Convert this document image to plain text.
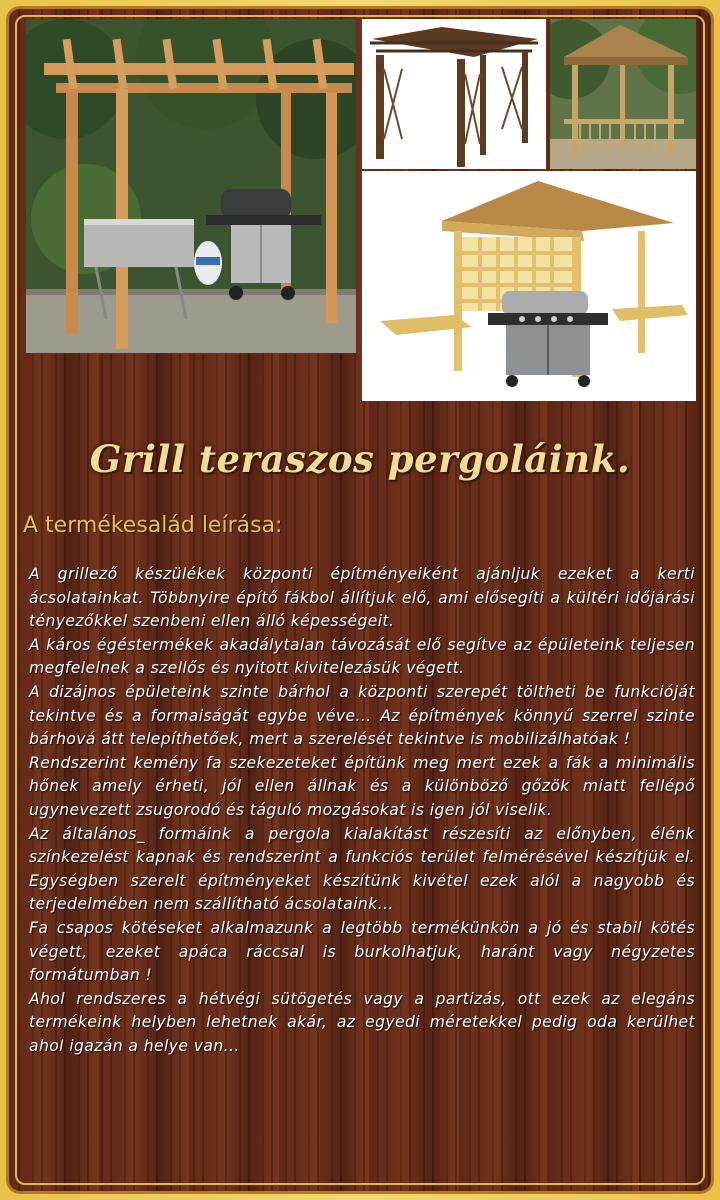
Grill teraszos pergoláink.
A termékesalád leírása:

A grillező készülékek központi építményeiként ajánljuk ezeket a kerti ácsolatainkat. Többnyire építő fákbol állítjuk elő, ami elősegíti a kültéri időjárási tényezőkkel szenbeni ellen álló képességeit.

A káros égéstermékek akadálytalan távozását elő segítve az épületeink teljesen megfelelnek a szellős és nyitott kivitelezásük végett.

A dizájnos épületeink szinte bárhol a központi szerepét töltheti be funkcióját tekintve és a formaiságát egybe véve... Az építmények könnyű szerrel szinte bárhová átt telepíthetőek, mert a szerelését tekintve is mobilizálhatóak !

Rendszerint kemény fa szekezeteket építünk meg mert ezek a fák a minimális hőnek amely érheti, jól ellen állnak és a különböző gőzök miatt fellépő ugynevezett zsugorodó és táguló mozgásokat is igen jól viselik.

Az általános_ formáink a pergola kialakítást részesíti az előnyben, élénk színkezelést kapnak és rendszerint a funkciós terület felmérésével készítjük el. Egységben szerelt építményeket készítünk kivétel ezek alól a nagyobb és terjedelmében nem szállítható ácsolataink...

Fa csapos kötéseket alkalmazunk a legtöbb termékünkön a jó és stabil kötés végett, ezeket apáca ráccsal is burkolhatjuk, haránt vagy négyzetes formátumban !

Ahol rendszeres a hétvégi sütögetés vagy a partizás, ott ezek az elegáns termékeink helyben lehetnek akár, az egyedi méretekkel pedig oda kerülhet ahol igazán a helye van...
